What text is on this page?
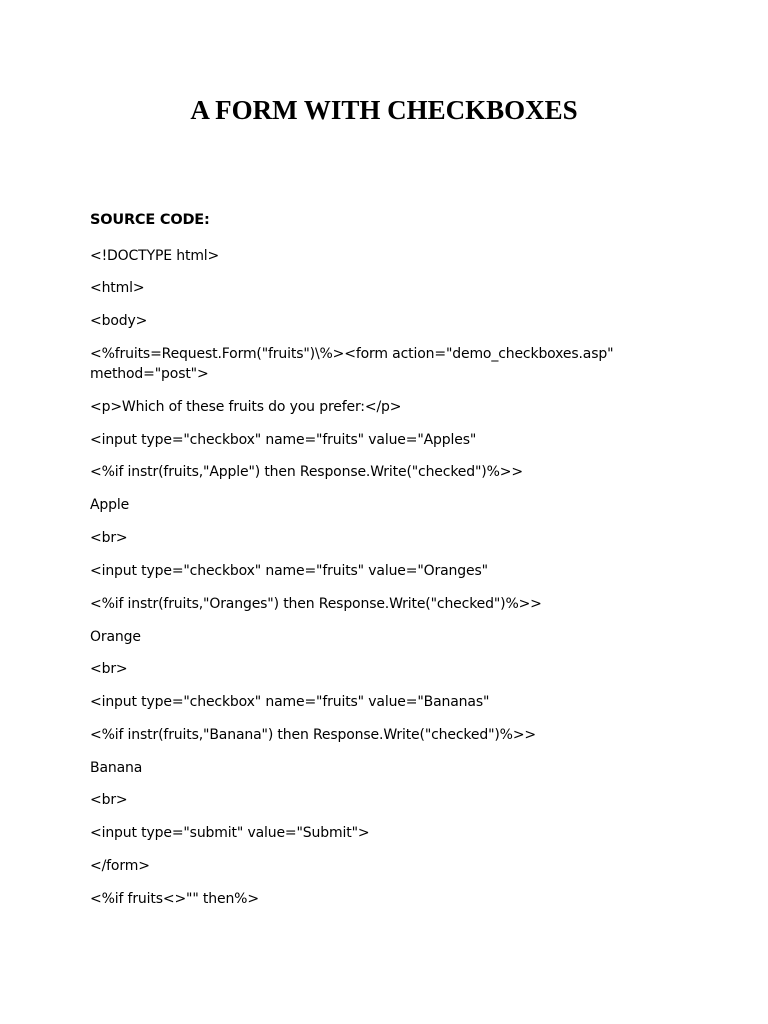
A FORM WITH CHECKBOXES
SOURCE CODE:
<!DOCTYPE html>
<html>
<body>
<%fruits=Request.Form("fruits")\%><form action="demo_checkboxes.asp"
method="post">
<p>Which of these fruits do you prefer:</p>
<input type="checkbox" name="fruits" value="Apples"
<%if instr(fruits,"Apple") then Response.Write("checked")%>>
Apple
<br>
<input type="checkbox" name="fruits" value="Oranges"
<%if instr(fruits,"Oranges") then Response.Write("checked")%>>
Orange
<br>
<input type="checkbox" name="fruits" value="Bananas"
<%if instr(fruits,"Banana") then Response.Write("checked")%>>
Banana
<br>
<input type="submit" value="Submit">
</form>
<%if fruits<>"" then%>
